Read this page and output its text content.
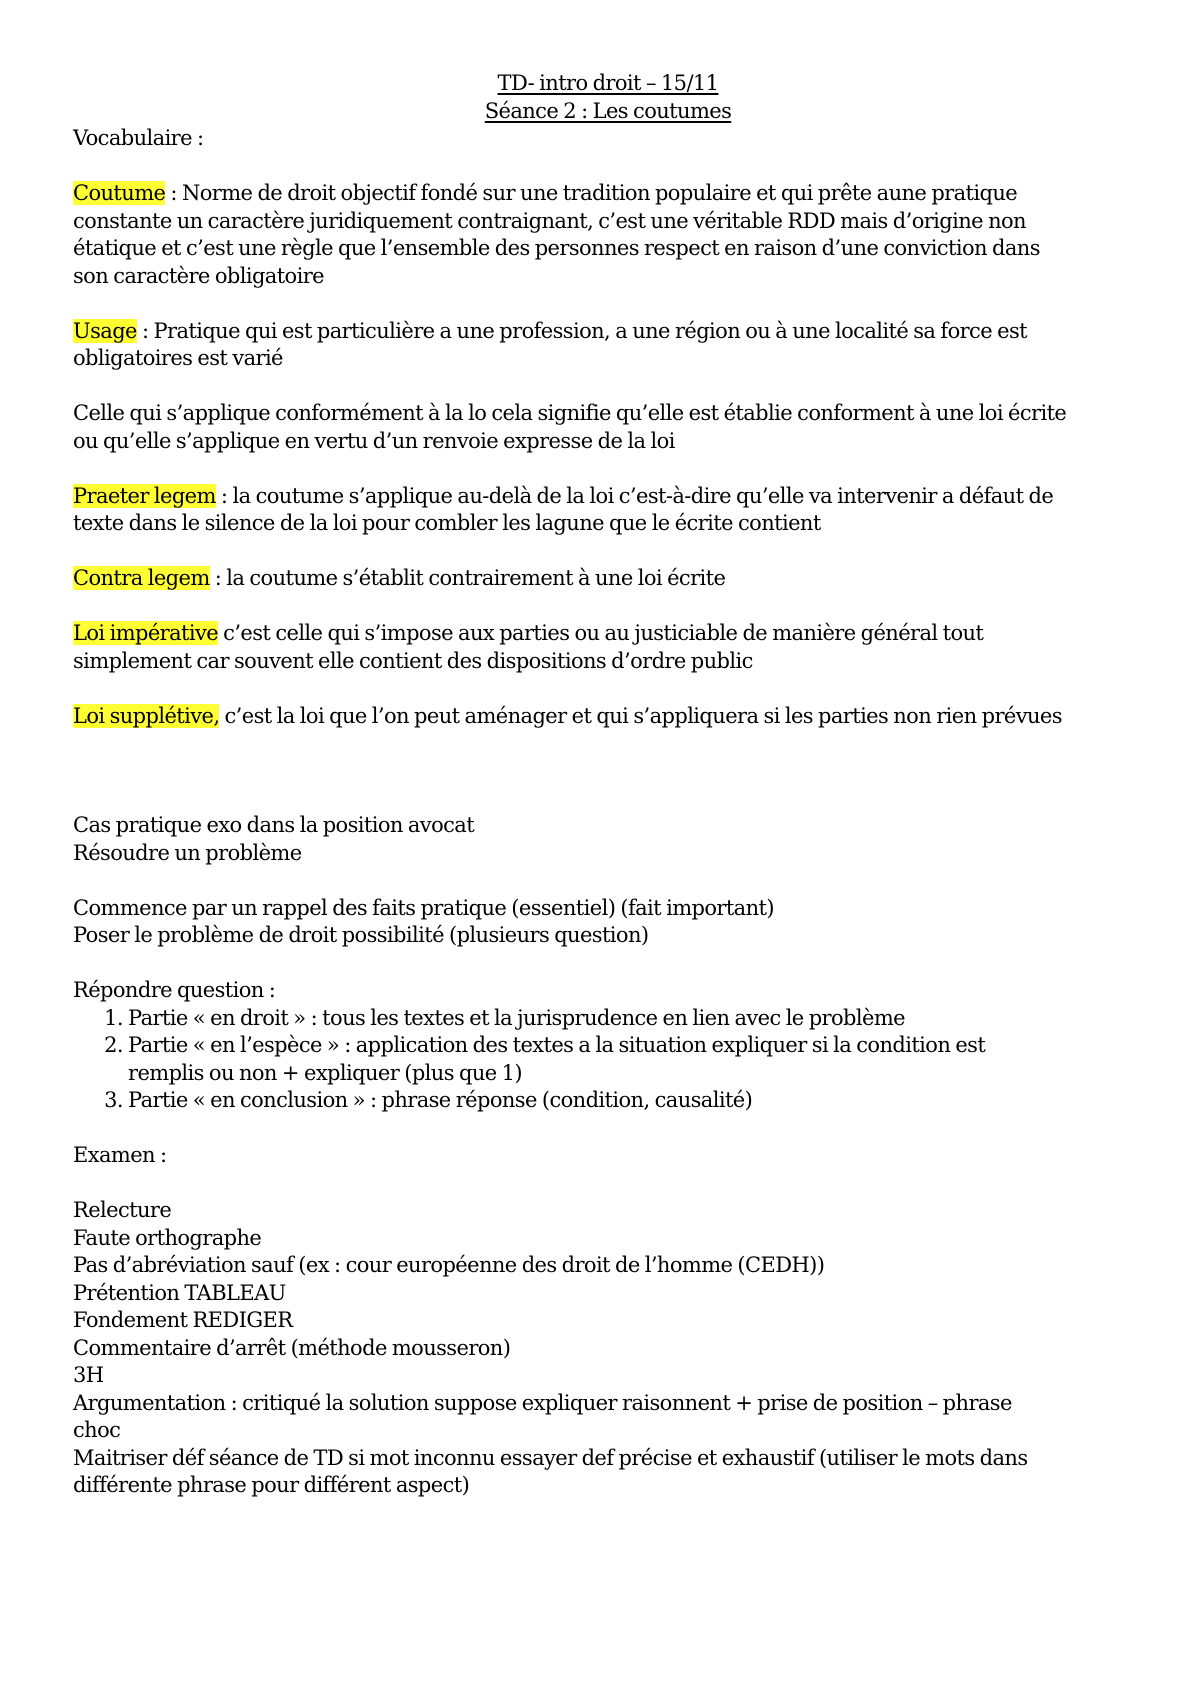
TD- intro droit – 15/11
Séance 2 : Les coutumes
Vocabulaire :
Coutume : Norme de droit objectif fondé sur une tradition populaire et qui prête aune pratique
constante un caractère juridiquement contraignant, c’est une véritable RDD mais d’origine non
étatique et c’est une règle que l’ensemble des personnes respect en raison d’une conviction dans
son caractère obligatoire
Usage : Pratique qui est particulière a une profession, a une région ou à une localité sa force est
obligatoires est varié
Celle qui s’applique conformément à la lo cela signifie qu’elle est établie conforment à une loi écrite
ou qu’elle s’applique en vertu d’un renvoie expresse de la loi
Praeter legem : la coutume s’applique au-delà de la loi c’est-à-dire qu’elle va intervenir a défaut de
texte dans le silence de la loi pour combler les lagune que le écrite contient
Contra legem : la coutume s’établit contrairement à une loi écrite
Loi impérative c’est celle qui s’impose aux parties ou au justiciable de manière général tout
simplement car souvent elle contient des dispositions d’ordre public
Loi supplétive, c’est la loi que l’on peut aménager et qui s’appliquera si les parties non rien prévues
Cas pratique exo dans la position avocat
Résoudre un problème
Commence par un rappel des faits pratique (essentiel) (fait important)
Poser le problème de droit possibilité (plusieurs question)
Répondre question :
1. Partie « en droit » : tous les textes et la jurisprudence en lien avec le problème
2. Partie « en l’espèce » : application des textes a la situation expliquer si la condition est
remplis ou non + expliquer (plus que 1)
3. Partie « en conclusion » : phrase réponse (condition, causalité)
Examen :
Relecture
Faute orthographe
Pas d’abréviation sauf (ex : cour européenne des droit de l’homme (CEDH))
Prétention TABLEAU
Fondement REDIGER
Commentaire d’arrêt (méthode mousseron)
3H
Argumentation : critiqué la solution suppose expliquer raisonnent + prise de position – phrase
choc
Maitriser déf séance de TD si mot inconnu essayer def précise et exhaustif (utiliser le mots dans
différente phrase pour différent aspect)
